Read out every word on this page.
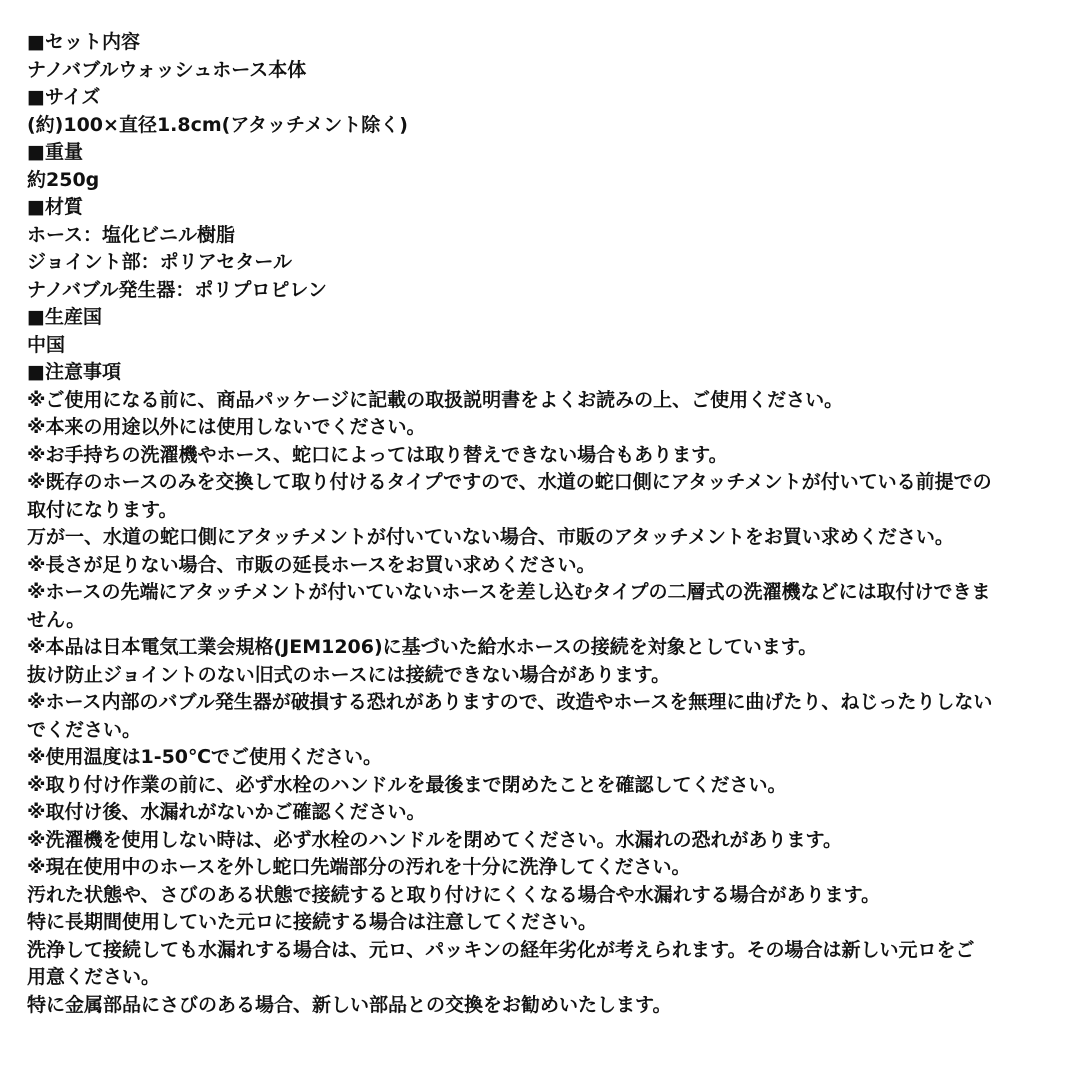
■セット内容
ナノバブルウォッシュホース本体
■サイズ
(約)100×直径1.8cm(アタッチメント除く)
■重量
約250g
■材質
ホース：塩化ビニル樹脂
ジョイント部：ポリアセタール
ナノバブル発生器：ポリプロピレン
■生産国
中国
■注意事項
※ご使用になる前に、商品パッケージに記載の取扱説明書をよくお読みの上、ご使用ください。
※本来の用途以外には使用しないでください。
※お手持ちの洗濯機やホース、蛇口によっては取り替えできない場合もあります。
※既存のホースのみを交換して取り付けるタイプですので、水道の蛇口側にアタッチメントが付いている前提での
取付になります。
万が一、水道の蛇口側にアタッチメントが付いていない場合、市販のアタッチメントをお買い求めください。
※長さが足りない場合、市販の延長ホースをお買い求めください。
※ホースの先端にアタッチメントが付いていないホースを差し込むタイプの二層式の洗濯機などには取付けできま
せん。
※本品は日本電気工業会規格(JEM1206)に基づいた給水ホースの接続を対象としています。
抜け防止ジョイントのない旧式のホースには接続できない場合があります。
※ホース内部のバブル発生器が破損する恐れがありますので、改造やホースを無理に曲げたり、ねじったりしない
でください。
※使用温度は1-50℃でご使用ください。
※取り付け作業の前に、必ず水栓のハンドルを最後まで閉めたことを確認してください。
※取付け後、水漏れがないかご確認ください。
※洗濯機を使用しない時は、必ず水栓のハンドルを閉めてください。水漏れの恐れがあります。
※現在使用中のホースを外し蛇口先端部分の汚れを十分に洗浄してください。
汚れた状態や、さびのある状態で接続すると取り付けにくくなる場合や水漏れする場合があります。
特に長期間使用していた元ロに接続する場合は注意してください。
洗浄して接続しても水漏れする場合は、元ロ、パッキンの経年劣化が考えられます。その場合は新しい元ロをご
用意ください。
特に金属部品にさびのある場合、新しい部品との交換をお勧めいたします。
